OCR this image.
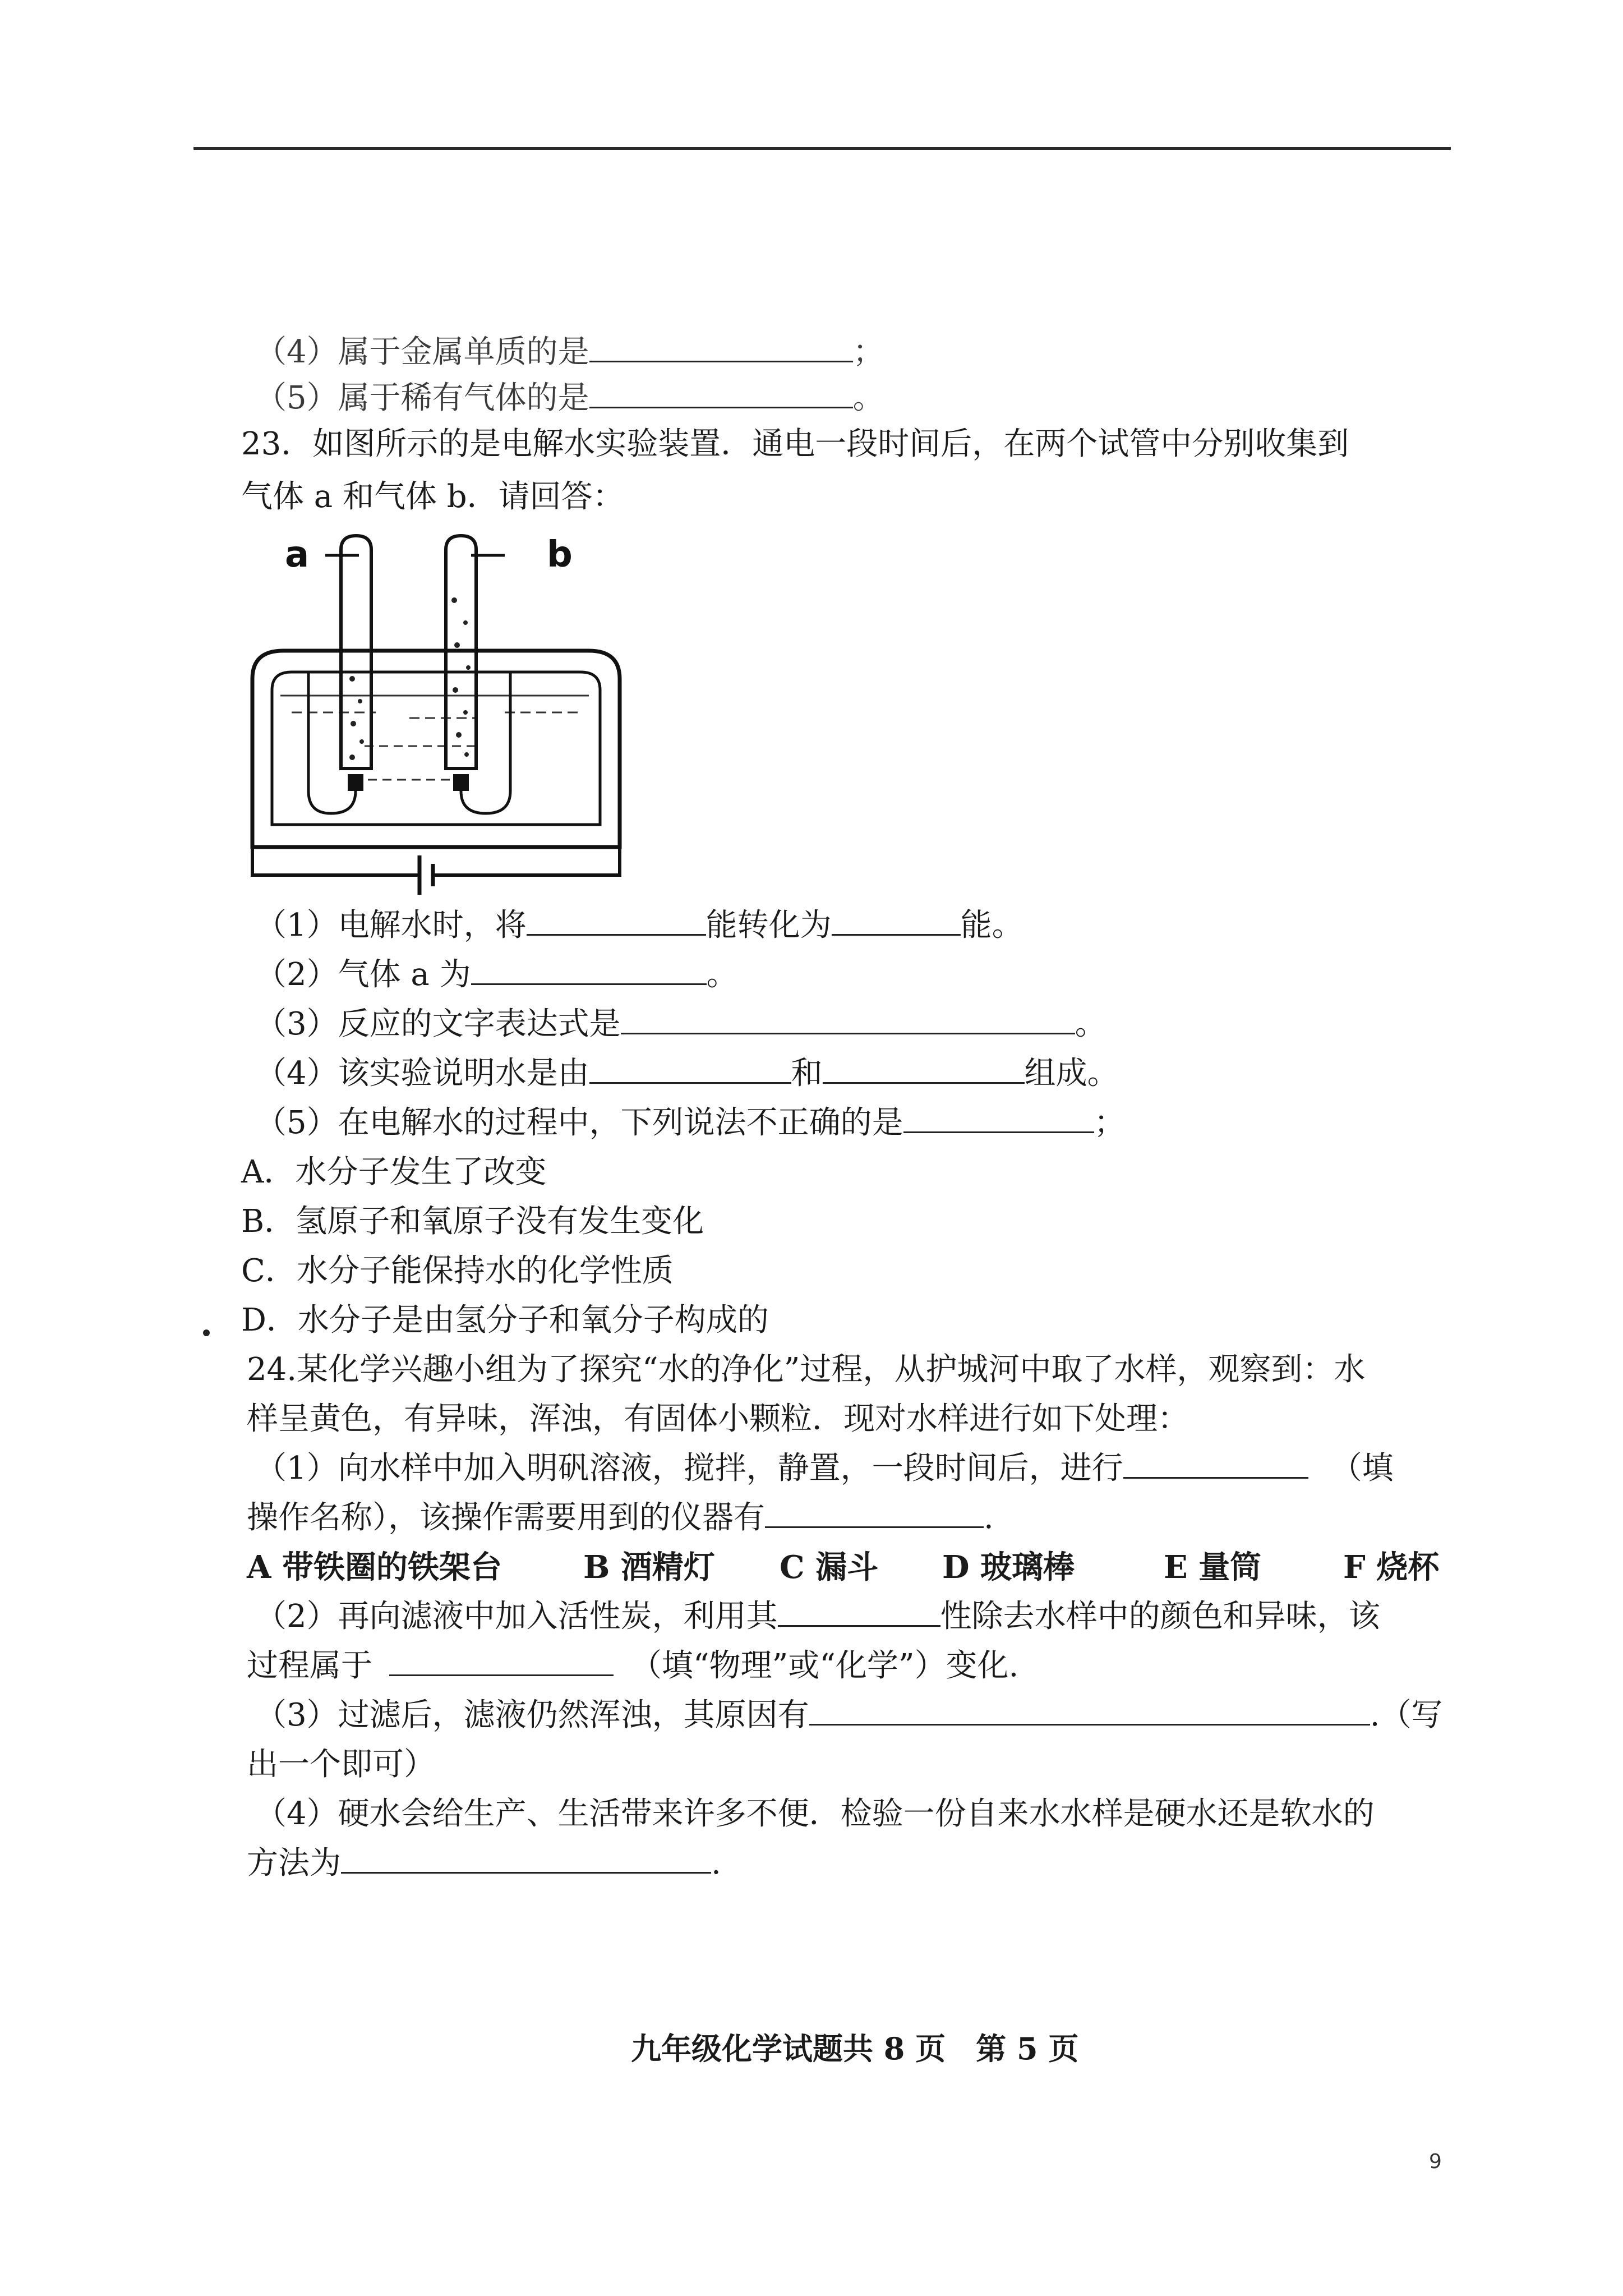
（4）属于金属单质的是	；
（5）属于稀有气体的是	。
23．如图所示的是电解水实验装置．通电一段时间后，在两个试管中分别收集到
气体 a 和气体 b．请回答：
a	b
（1）电解水时，将	能转化为	能。
（2）气体 a 为	。
（3）反应的文字表达式是	。
（4）该实验说明水是由	和	组成。
（5）在电解水的过程中，下列说法不正确的是	；
A．水分子发生了改变
B．氢原子和氧原子没有发生变化
C．水分子能保持水的化学性质
D．水分子是由氢分子和氧分子构成的
24.某化学兴趣小组为了探究“水的净化”过程，从护城河中取了水样，观察到：水
样呈黄色，有异味，浑浊，有固体小颗粒．现对水样进行如下处理：
（1）向水样中加入明矾溶液，搅拌，静置，一段时间后，进行	（填
操作名称），该操作需要用到的仪器有	.
A 带铁圈的铁架台	B 酒精灯 C 漏斗 D 玻璃棒	E 量筒	F 烧杯
（2）再向滤液中加入活性炭，利用其	性除去水样中的颜色和异味，该
过程属于	（填“物理”或“化学”）变化.
（3）过滤后，滤液仍然浑浊，其原因有	.（写
出一个即可）
（4）硬水会给生产、生活带来许多不便．检验一份自来水水样是硬水还是软水的
方法为	.
九年级化学试题共 8 页　第 5 页
9
